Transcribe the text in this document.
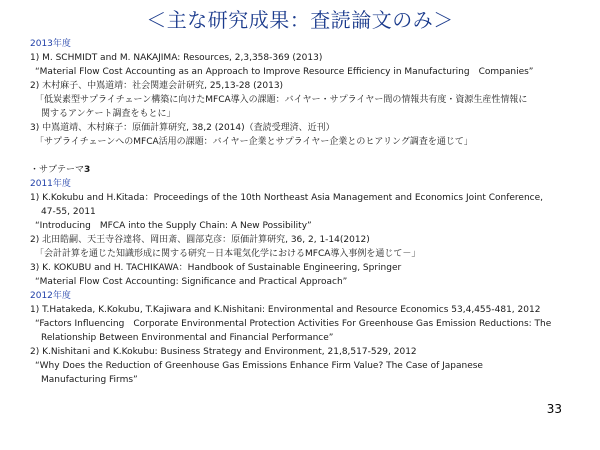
＜主な研究成果：査読論文のみ＞
2013年度
1) M. SCHMIDT and M. NAKAJIMA: Resources, 2,3,358-369 (2013)
“Material Flow Cost Accounting as an Approach to Improve Resource Efficiency in Manufacturing　Companies”
2) 木村麻子、中嶌道靖：社会関連会計研究, 25,13-28 (2013)
「低炭素型サプライチェーン構築に向けたMFCA導入の課題：バイヤー・サプライヤー間の情報共有度・資源生産性情報に
関するアンケート調査をもとに」
3) 中嶌道靖、木村麻子：原価計算研究, 38,2 (2014)（査読受理済、近刊）
「サプライチェーンへのMFCA活用の課題：バイヤー企業とサプライヤー企業とのヒアリング調査を通じて」
・サブテーマ3
2011年度
1) K.Kokubu and H.Kitada：Proceedings of the 10th Northeast Asia Management and Economics Joint Conference,
47-55, 2011
“Introducing　MFCA into the Supply Chain: A New Possibility”
2) 北田皓嗣、天王寺谷達将、岡田斎、圓部克彦：原価計算研究, 36, 2, 1-14(2012)
「会計計算を通じた知識形成に関する研究－日本電気化学におけるMFCA導入事例を通じて－」
3) K. KOKUBU and H. TACHIKAWA：Handbook of Sustainable Engineering, Springer
“Material Flow Cost Accounting: Significance and Practical Approach”
2012年度
1) T.Hatakeda, K.Kokubu, T.Kajiwara and K.Nishitani: Environmental and Resource Economics 53,4,455-481, 2012
“Factors Influencing　Corporate Environmental Protection Activities For Greenhouse Gas Emission Reductions: The
Relationship Between Environmental and Financial Performance”
2) K.Nishitani and K.Kokubu: Business Strategy and Environment, 21,8,517-529, 2012
“Why Does the Reduction of Greenhouse Gas Emissions Enhance Firm Value? The Case of Japanese
Manufacturing Firms”
33
